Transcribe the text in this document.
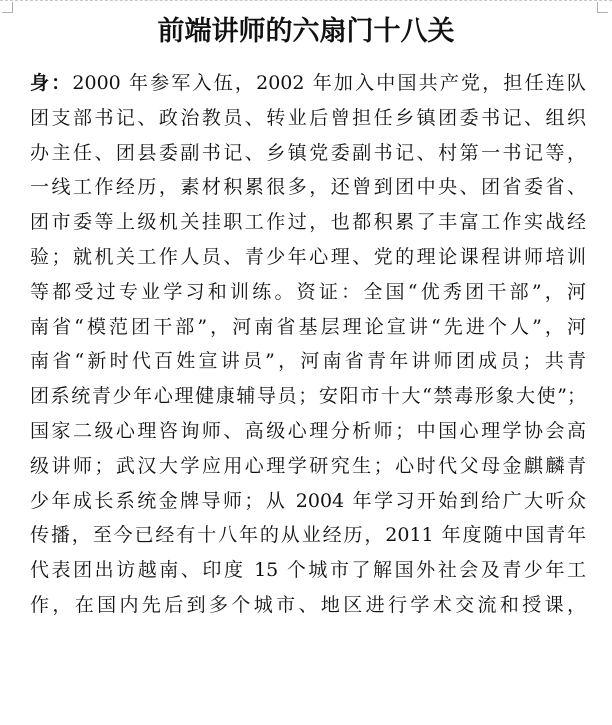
前端讲师的六扇门十八关
身：2000 年参军入伍，2002 年加入中国共产党，担任连队
团支部书记、政治教员、转业后曾担任乡镇团委书记、组织
办主任、团县委副书记、乡镇党委副书记、村第一书记等，
一线工作经历，素材积累很多，还曾到团中央、团省委省、
团市委等上级机关挂职工作过，也都积累了丰富工作实战经
验；就机关工作人员、青少年心理、党的理论课程讲师培训
等都受过专业学习和训练。资证：全国“优秀团干部”，河
南省“模范团干部”，河南省基层理论宣讲“先进个人”，河
南省“新时代百姓宣讲员”，河南省青年讲师团成员；共青
团系统青少年心理健康辅导员；安阳市十大“禁毒形象大使”；
国家二级心理咨询师、高级心理分析师；中国心理学协会高
级讲师；武汉大学应用心理学研究生；心时代父母金麒麟青
少年成长系统金牌导师；从 2004 年学习开始到给广大听众
传播，至今已经有十八年的从业经历，2011 年度随中国青年
代表团出访越南、印度 15 个城市了解国外社会及青少年工
作，在国内先后到多个城市、地区进行学术交流和授课，
